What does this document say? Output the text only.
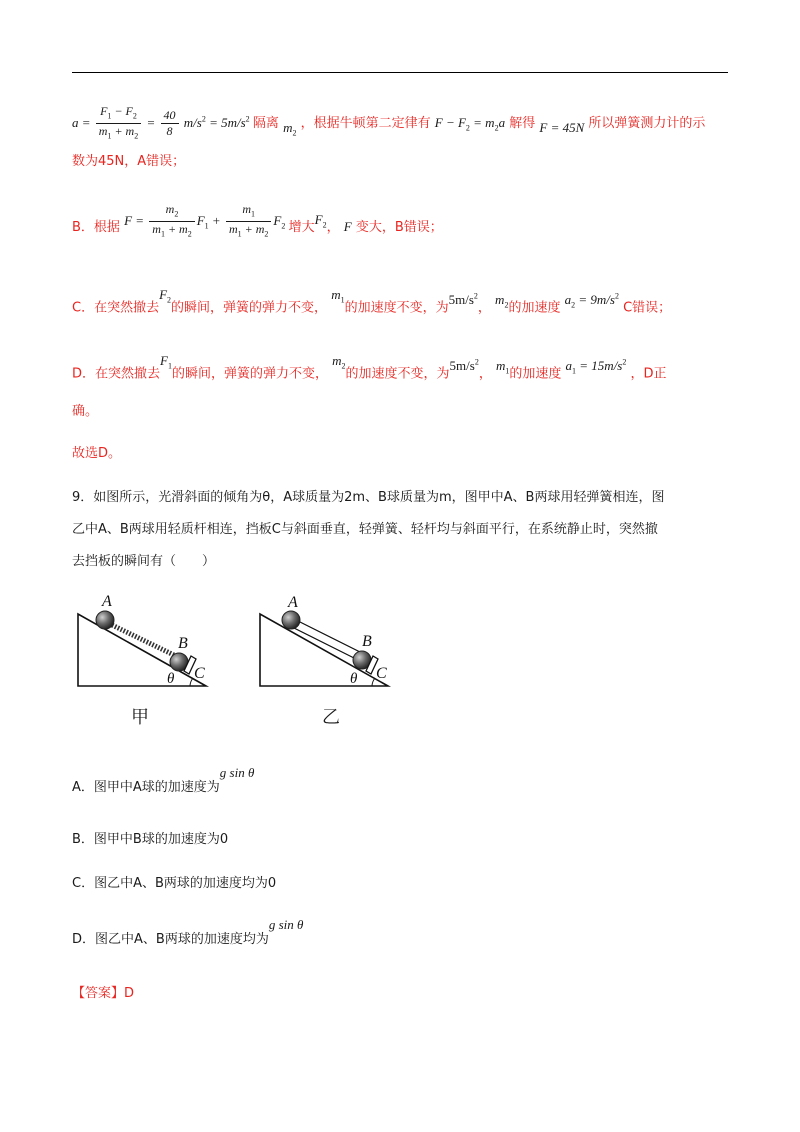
$a = \frac{F_1 - F_2}{m_1 + m_2} = \frac{40}{8} m/s^2 = 5m/s^2$ 隔离 $m_2$ ，根据牛顿第二定律有 $F - F_2 = m_2a$ 解得 F = 45N 所以弹簧测力计的示
数为45N，A错误；
B．根据 $F = \frac{m_2}{m_1 + m_2} F_1 + \frac{m_1}{m_1 + m_2} F_2$ 增大$F_2$， F 变大，B错误；
C．在突然撤去$F_2$的瞬间，弹簧的弹力不变， $m_1$的加速度不变，为$5m/s^2$， $m_2$的加速度 $a_2 = 9m/s^2$ C错误；
D．在突然撤去$F_1$的瞬间，弹簧的弹力不变， $m_2$的加速度不变，为$5m/s^2$， $m_1$的加速度 $a_1 = 15m/s^2$ ，D正
确。
故选D。
9．如图所示，光滑斜面的倾角为θ，A球质量为2m、B球质量为m，图甲中A、B两球用轻弹簧相连，图
乙中A、B两球用轻质杆相连，挡板C与斜面垂直，轻弹簧、轻杆均与斜面平行，在系统静止时，突然撤
去挡板的瞬间有（　　）
A
B
C
θ
甲
A
B
C
θ
乙
A．图甲中A球的加速度为g sin θ
B．图甲中B球的加速度为0
C．图乙中A、B两球的加速度均为0
D．图乙中A、B两球的加速度均为g sin θ
【答案】D
